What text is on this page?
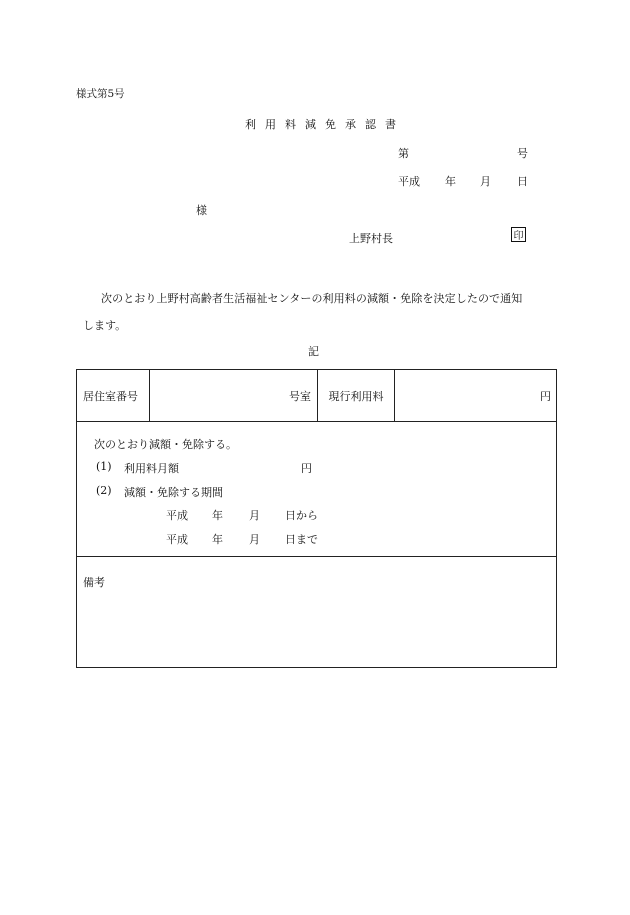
様式第5号
利用料減免承認書
第	号
平成 年 月 日
様
上野村長	印
次のとおり上野村高齢者生活福祉センターの利用料の減額・免除を決定したので通知
します。
記
居住室番号	号室	現行利用料	円
次のとおり減額・免除する。
(1) 利用料月額	円
(2) 減額・免除する期間
平成 年 月 日から
平成 年 月 日まで
備考
